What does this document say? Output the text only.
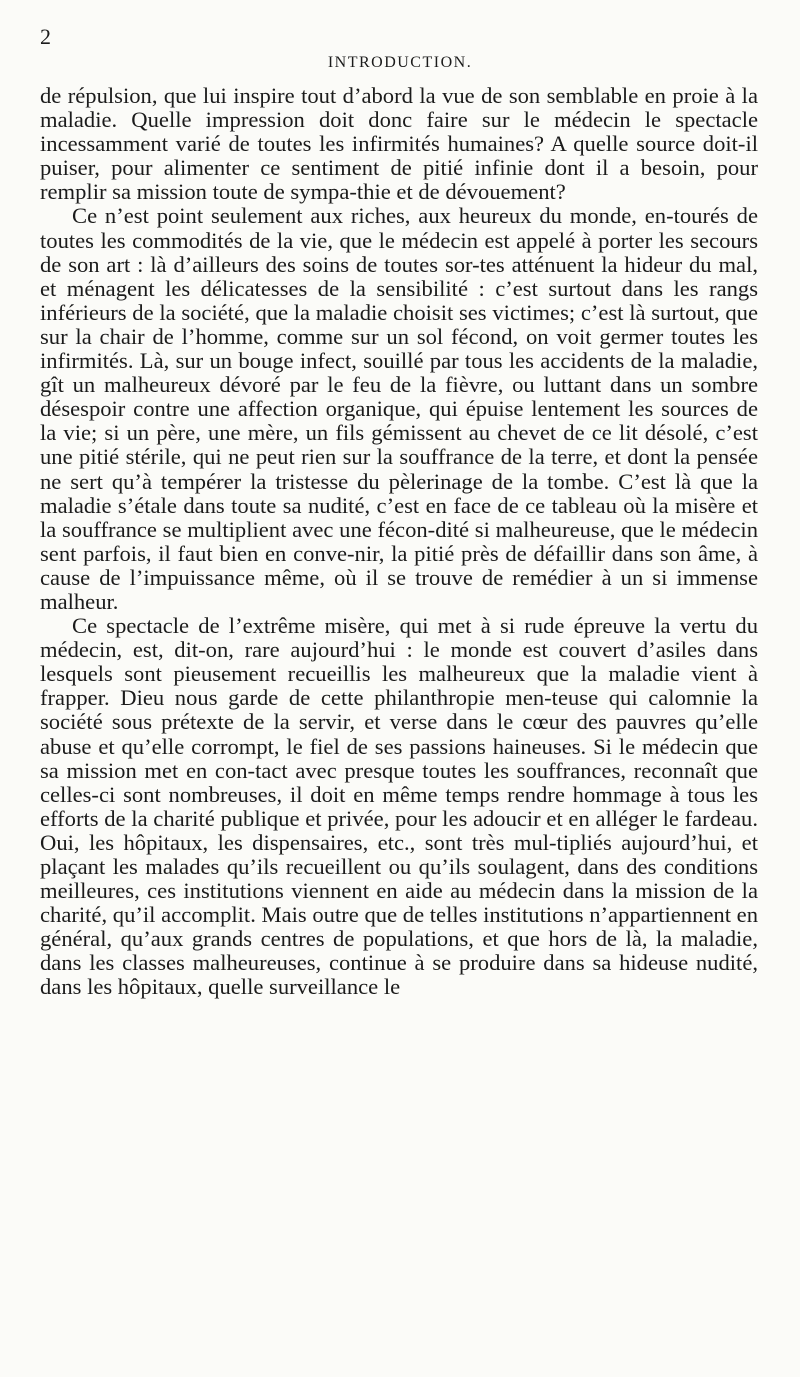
2
INTRODUCTION.

de répulsion, que lui inspire tout d’abord la vue de son semblable en proie à la maladie. Quelle impression doit donc faire sur le médecin le spectacle incessamment varié de toutes les infirmités humaines? A quelle source doit-il puiser, pour alimenter ce sentiment de pitié infinie dont il a besoin, pour remplir sa mission toute de sympa-thie et de dévouement?

Ce n’est point seulement aux riches, aux heureux du monde, en-tourés de toutes les commodités de la vie, que le médecin est appelé à porter les secours de son art : là d’ailleurs des soins de toutes sor-tes atténuent la hideur du mal, et ménagent les délicatesses de la sensibilité : c’est surtout dans les rangs inférieurs de la société, que la maladie choisit ses victimes; c’est là surtout, que sur la chair de l’homme, comme sur un sol fécond, on voit germer toutes les infirmités. Là, sur un bouge infect, souillé par tous les accidents de la maladie, gît un malheureux dévoré par le feu de la fièvre, ou luttant dans un sombre désespoir contre une affection organique, qui épuise lentement les sources de la vie; si un père, une mère, un fils gémissent au chevet de ce lit désolé, c’est une pitié stérile, qui ne peut rien sur la souffrance de la terre, et dont la pensée ne sert qu’à tempérer la tristesse du pèlerinage de la tombe. C’est là que la maladie s’étale dans toute sa nudité, c’est en face de ce tableau où la misère et la souffrance se multiplient avec une fécon-dité si malheureuse, que le médecin sent parfois, il faut bien en conve-nir, la pitié près de défaillir dans son âme, à cause de l’impuissance même, où il se trouve de remédier à un si immense malheur.

Ce spectacle de l’extrême misère, qui met à si rude épreuve la vertu du médecin, est, dit-on, rare aujourd’hui : le monde est couvert d’asiles dans lesquels sont pieusement recueillis les malheureux que la maladie vient à frapper. Dieu nous garde de cette philanthropie men-teuse qui calomnie la société sous prétexte de la servir, et verse dans le cœur des pauvres qu’elle abuse et qu’elle corrompt, le fiel de ses passions haineuses. Si le médecin que sa mission met en con-tact avec presque toutes les souffrances, reconnaît que celles-ci sont nombreuses, il doit en même temps rendre hommage à tous les efforts de la charité publique et privée, pour les adoucir et en alléger le fardeau. Oui, les hôpitaux, les dispensaires, etc., sont très mul-tipliés aujourd’hui, et plaçant les malades qu’ils recueillent ou qu’ils soulagent, dans des conditions meilleures, ces institutions viennent en aide au médecin dans la mission de la charité, qu’il accomplit. Mais outre que de telles institutions n’appartiennent en général, qu’aux grands centres de populations, et que hors de là, la maladie, dans les classes malheureuses, continue à se produire dans sa hideuse nudité, dans les hôpitaux, quelle surveillance le
